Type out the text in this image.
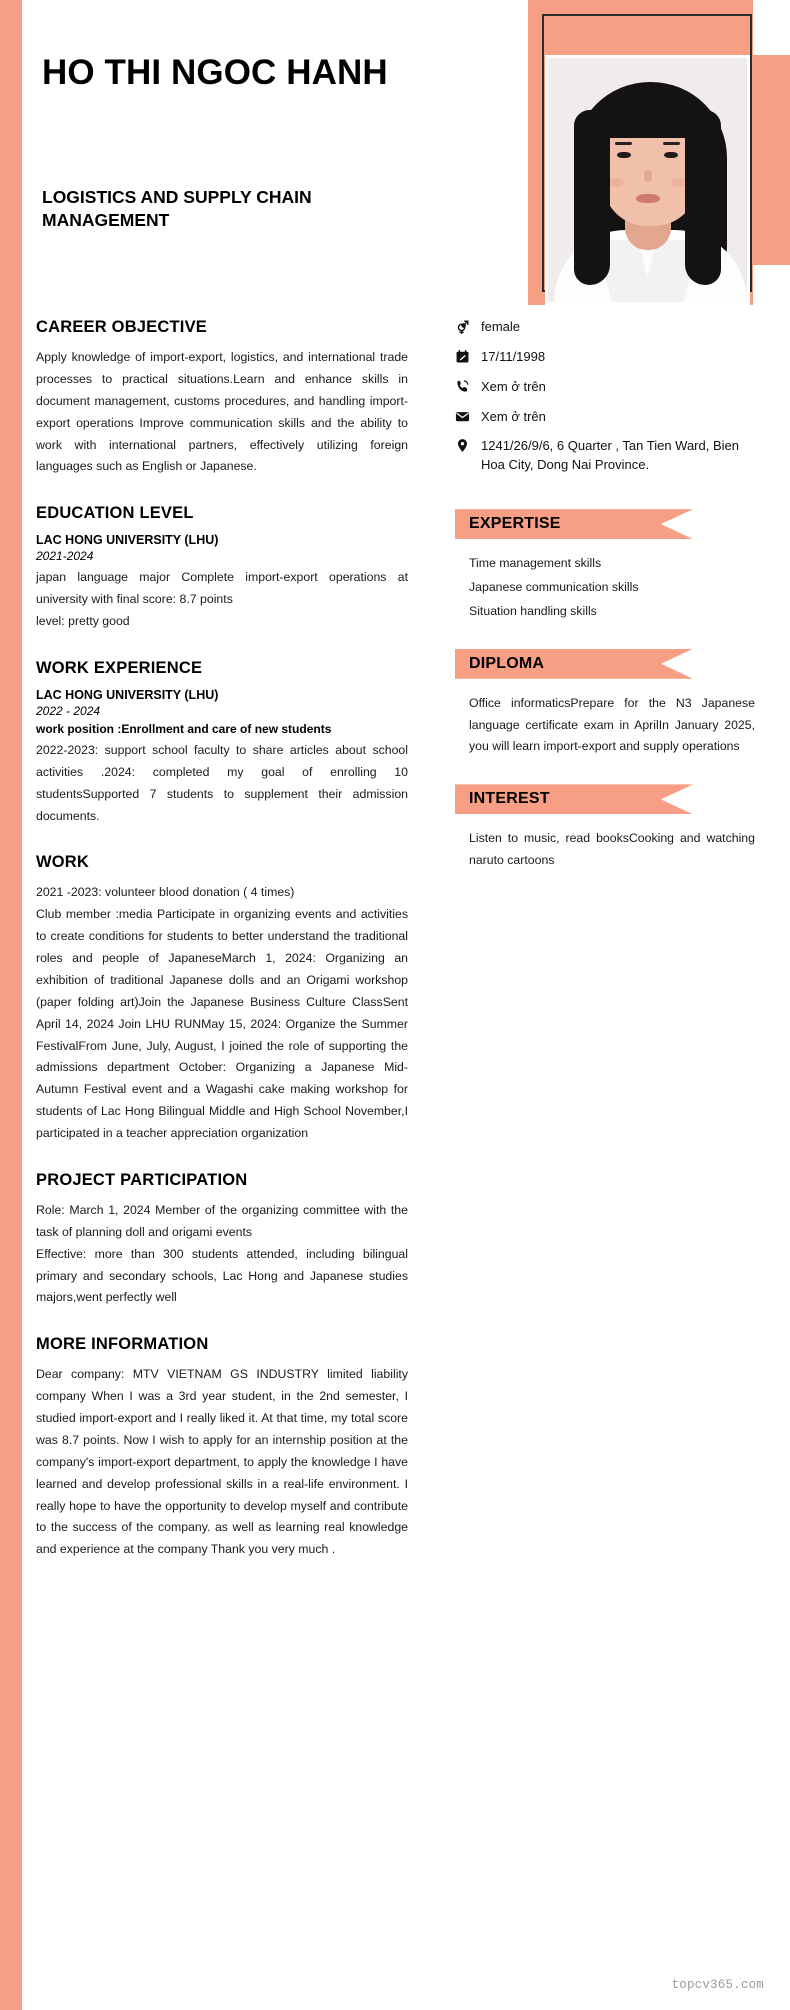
HO THI NGOC HANH
LOGISTICS AND SUPPLY CHAIN MANAGEMENT
CAREER OBJECTIVE
Apply knowledge of import-export, logistics, and international trade processes to practical situations.Learn and enhance skills in document management, customs procedures, and handling import-export operations Improve communication skills and the ability to work with international partners, effectively utilizing foreign languages such as English or Japanese.
EDUCATION LEVEL
LAC HONG UNIVERSITY (LHU)
2021-2024
japan language major Complete import-export operations at university with final score: 8.7 points
level: pretty good
WORK EXPERIENCE
LAC HONG UNIVERSITY (LHU)
2022 - 2024
work position :Enrollment and care of new students
2022-2023: support school faculty to share articles about school activities .2024: completed my goal of enrolling 10 studentsSupported 7 students to supplement their admission documents.
WORK
2021 -2023: volunteer blood donation ( 4 times)
Club member :media Participate in organizing events and activities to create conditions for students to better understand the traditional roles and people of JapaneseMarch 1, 2024: Organizing an exhibition of traditional Japanese dolls and an Origami workshop (paper folding art)Join the Japanese Business Culture ClassSent April 14, 2024 Join LHU RUNMay 15, 2024: Organize the Summer FestivalFrom June, July, August, I joined the role of supporting the admissions department October: Organizing a Japanese Mid-Autumn Festival event and a Wagashi cake making workshop for students of Lac Hong Bilingual Middle and High School November,I participated in a teacher appreciation organization
PROJECT PARTICIPATION
Role: March 1, 2024 Member of the organizing committee with the task of planning doll and origami events
Effective: more than 300 students attended, including bilingual primary and secondary schools, Lac Hong and Japanese studies majors,went perfectly well
MORE INFORMATION
Dear company: MTV VIETNAM GS INDUSTRY limited liability company When I was a 3rd year student, in the 2nd semester, I studied import-export and I really liked it. At that time, my total score was 8.7 points. Now I wish to apply for an internship position at the company's import-export department, to apply the knowledge I have learned and develop professional skills in a real-life environment. I really hope to have the opportunity to develop myself and contribute to the success of the company. as well as learning real knowledge and experience at the company Thank you very much .
female
17/11/1998
Xem ở trên
Xem ở trên
1241/26/9/6, 6 Quarter , Tan Tien Ward, Bien Hoa City, Dong Nai Province.
EXPERTISE
Time management skills
Japanese communication skills
Situation handling skills
DIPLOMA
Office informaticsPrepare for the N3 Japanese language certificate exam in AprilIn January 2025, you will learn import-export and supply operations
INTEREST
Listen to music, read booksCooking and watching naruto cartoons
topcv365.com
